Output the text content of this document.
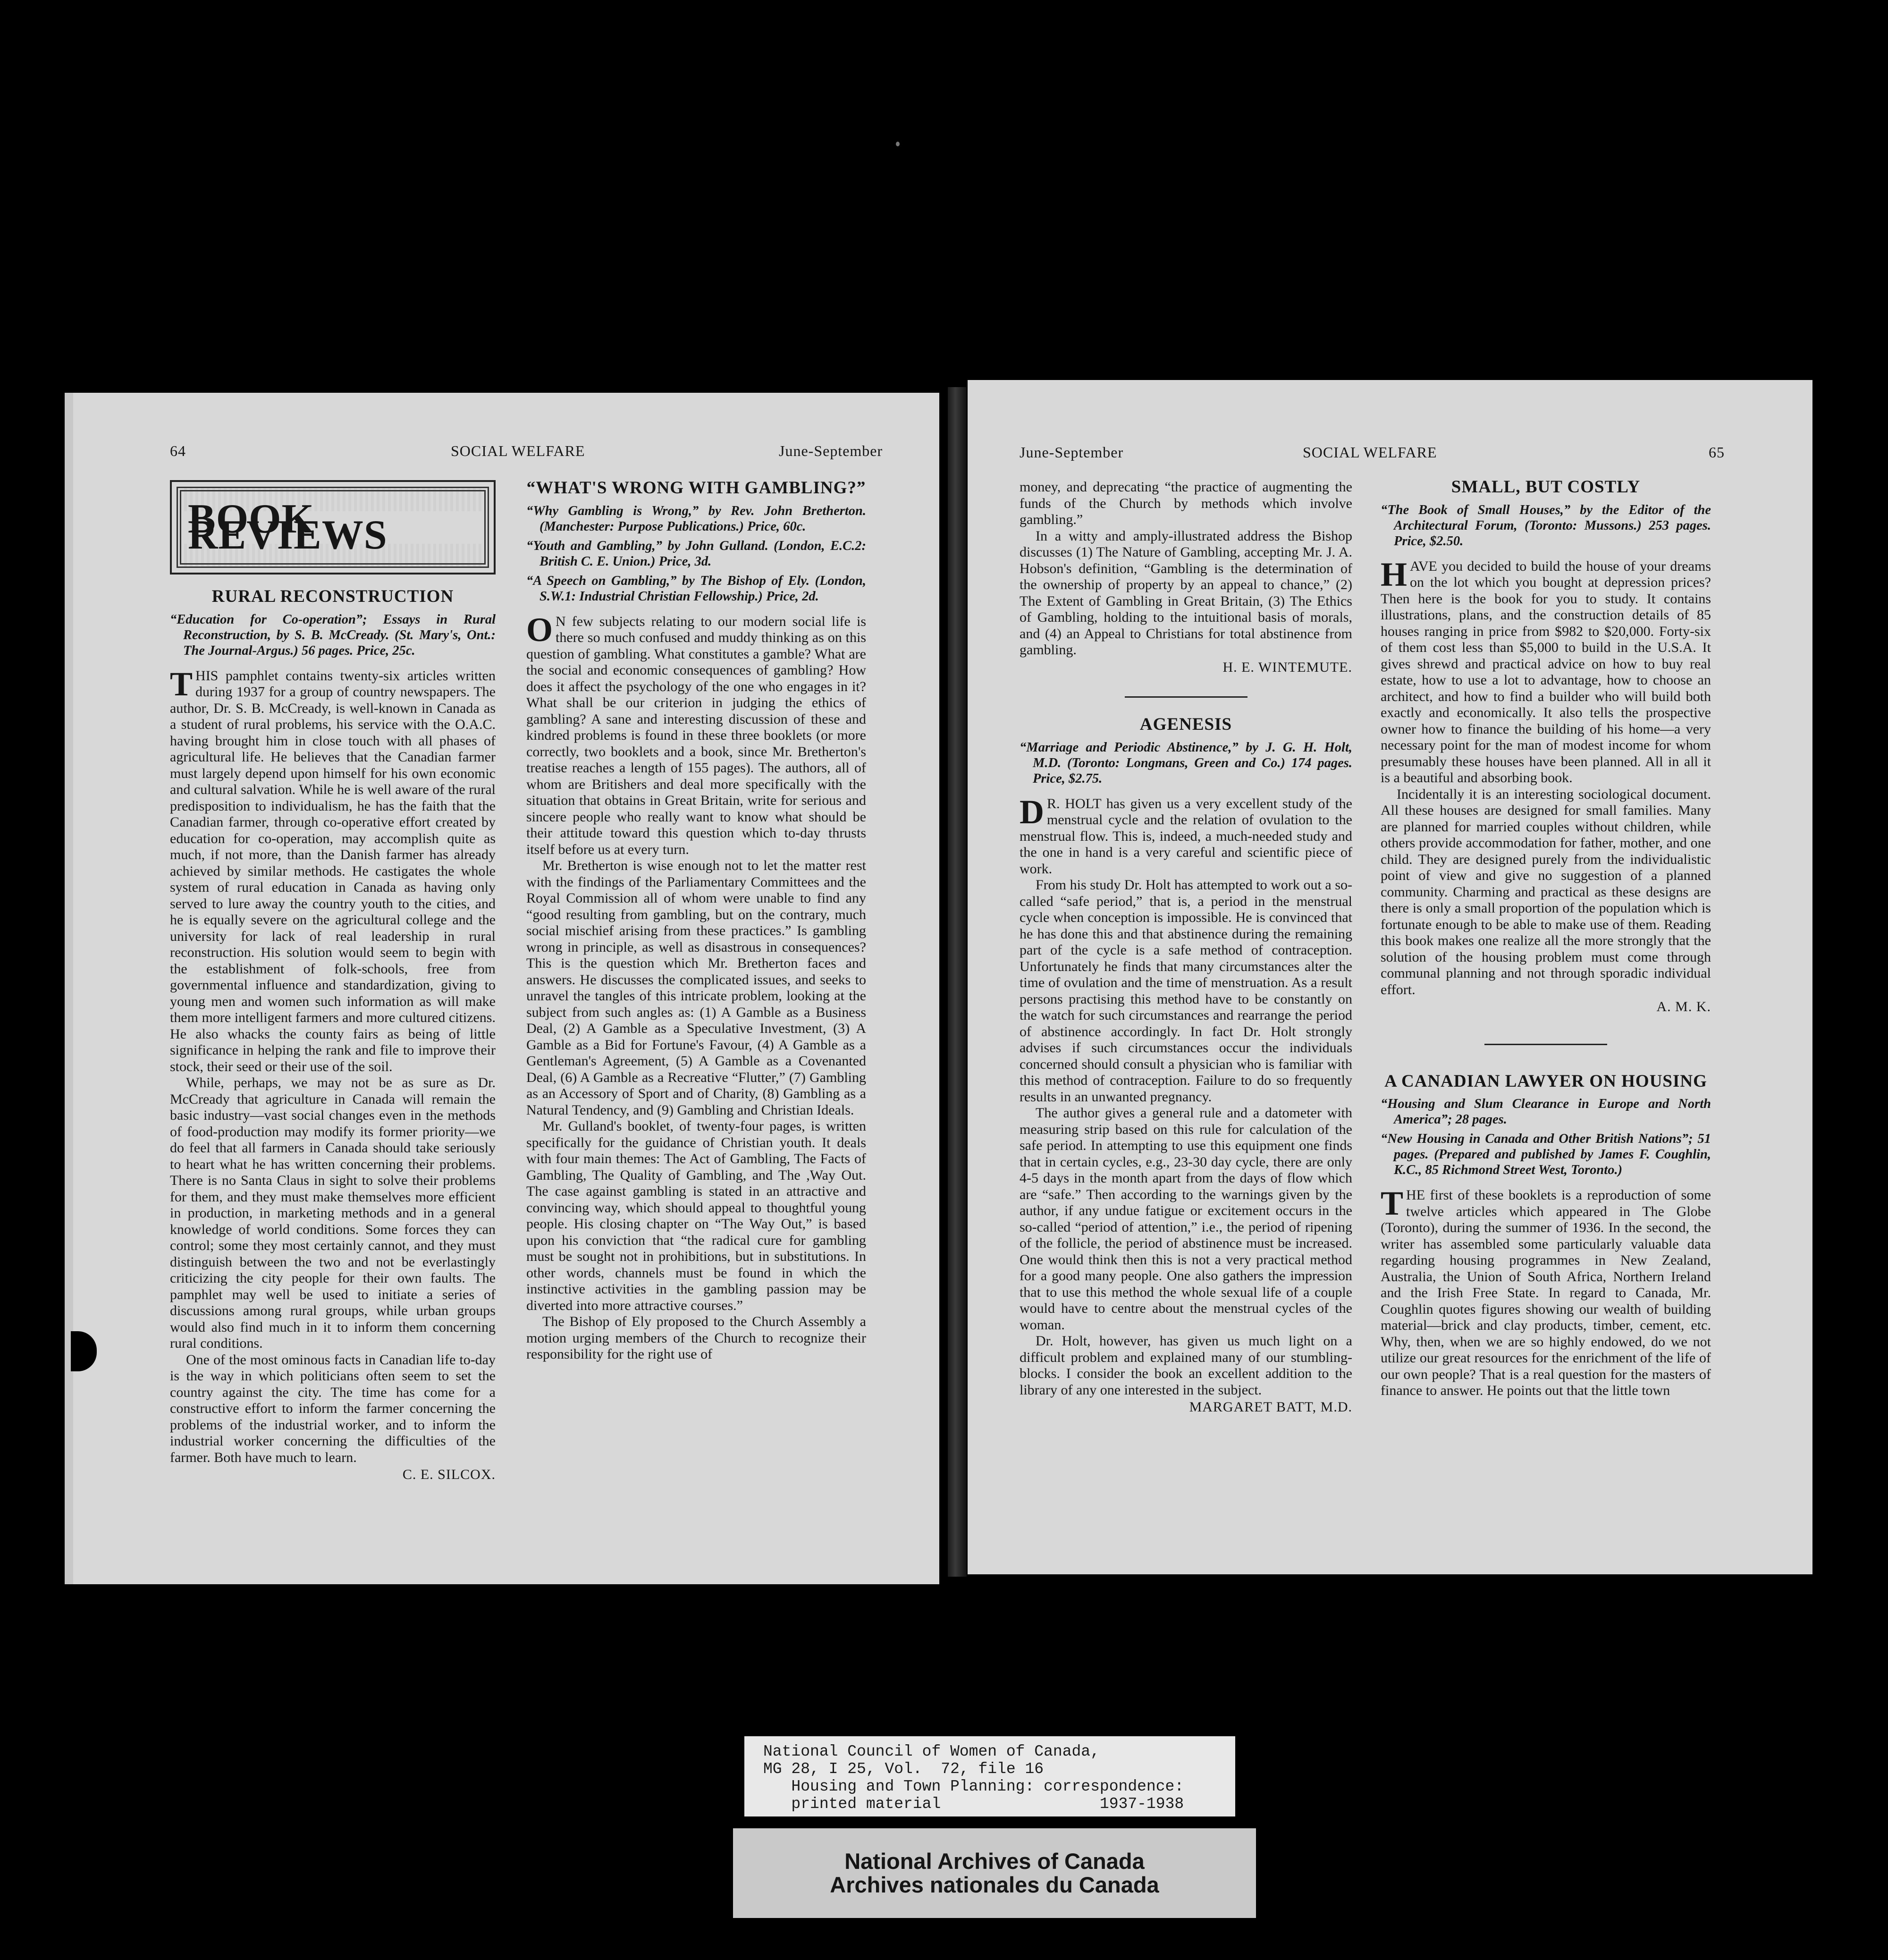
64	SOCIAL WELFARE	June-September
BOOK REVIEWS
RURAL RECONSTRUCTION
“Education for Co-operation”; Essays in Rural Reconstruction, by S. B. McCready. (St. Mary's, Ont.: The Journal-Argus.) 56 pages. Price, 25c.

THIS pamphlet contains twenty-six articles written during 1937 for a group of country newspapers. The author, Dr. S. B. McCready, is well-known in Canada as a student of rural problems, his service with the O.A.C. having brought him in close touch with all phases of agricultural life. He believes that the Canadian farmer must largely depend upon himself for his own economic and cultural salvation. While he is well aware of the rural predisposition to individualism, he has the faith that the Canadian farmer, through co-operative effort created by education for co-operation, may accomplish quite as much, if not more, than the Danish farmer has already achieved by similar methods. He castigates the whole system of rural education in Canada as having only served to lure away the country youth to the cities, and he is equally severe on the agricultural college and the university for lack of real leadership in rural reconstruction. His solution would seem to begin with the establishment of folk-schools, free from governmental influence and standardization, giving to young men and women such information as will make them more intelligent farmers and more cultured citizens. He also whacks the county fairs as being of little significance in helping the rank and file to improve their stock, their seed or their use of the soil.

While, perhaps, we may not be as sure as Dr. McCready that agriculture in Canada will remain the basic industry—vast social changes even in the methods of food-production may modify its former priority—we do feel that all farmers in Canada should take seriously to heart what he has written concerning their problems. There is no Santa Claus in sight to solve their problems for them, and they must make themselves more efficient in production, in marketing methods and in a general knowledge of world conditions. Some forces they can control; some they most certainly cannot, and they must distinguish between the two and not be everlastingly criticizing the city people for their own faults. The pamphlet may well be used to initiate a series of discussions among rural groups, while urban groups would also find much in it to inform them concerning rural conditions.

One of the most ominous facts in Canadian life to-day is the way in which politicians often seem to set the country against the city. The time has come for a constructive effort to inform the farmer concerning the problems of the industrial worker, and to inform the industrial worker concerning the difficulties of the farmer. Both have much to learn.

C. E. SILCOX.

“WHAT'S WRONG WITH GAMBLING?”
“Why Gambling is Wrong,” by Rev. John Bretherton. (Manchester: Purpose Publications.) Price, 60c.
“Youth and Gambling,” by John Gulland. (London, E.C.2: British C. E. Union.) Price, 3d.
“A Speech on Gambling,” by The Bishop of Ely. (London, S.W.1: Industrial Christian Fellowship.) Price, 2d.

O N few subjects relating to our modern social life is there so much confused and muddy thinking as on this question of gambling. What constitutes a gamble? What are the social and economic consequences of gambling? How does it affect the psychology of the one who engages in it? What shall be our criterion in judging the ethics of gambling? A sane and interesting discussion of these and kindred problems is found in these three booklets (or more correctly, two booklets and a book, since Mr. Bretherton's treatise reaches a length of 155 pages). The authors, all of whom are Britishers and deal more specifically with the situation that obtains in Great Britain, write for serious and sincere people who really want to know what should be their attitude toward this question which to-day thrusts itself before us at every turn.

Mr. Bretherton is wise enough not to let the matter rest with the findings of the Parliamentary Committees and the Royal Commission all of whom were unable to find any “good resulting from gambling, but on the contrary, much social mischief arising from these practices.” Is gambling wrong in principle, as well as disastrous in consequences? This is the question which Mr. Bretherton faces and answers. He discusses the complicated issues, and seeks to unravel the tangles of this intricate problem, looking at the subject from such angles as: (1) A Gamble as a Business Deal, (2) A Gamble as a Speculative Investment, (3) A Gamble as a Bid for Fortune's Favour, (4) A Gamble as a Gentleman's Agreement, (5) A Gamble as a Covenanted Deal, (6) A Gamble as a Recreative “Flutter,” (7) Gambling as an Accessory of Sport and of Charity, (8) Gambling as a Natural Tendency, and (9) Gambling and Christian Ideals.

Mr. Gulland's booklet, of twenty-four pages, is written specifically for the guidance of Christian youth. It deals with four main themes: The Act of Gambling, The Facts of Gambling, The Quality of Gambling, and The ,Way Out. The case against gambling is stated in an attractive and convincing way, which should appeal to thoughtful young people. His closing chapter on “The Way Out,” is based upon his conviction that “the radical cure for gambling must be sought not in prohibitions, but in substitutions. In other words, channels must be found in which the instinctive activities in the gambling passion may be diverted into more attractive courses.”

The Bishop of Ely proposed to the Church Assembly a motion urging members of the Church to recognize their responsibility for the right use of

June-September	SOCIAL WELFARE	65

money, and deprecating “the practice of augmenting the funds of the Church by methods which involve gambling.”

In a witty and amply-illustrated address the Bishop discusses (1) The Nature of Gambling, accepting Mr. J. A. Hobson's definition, “Gambling is the determination of the ownership of property by an appeal to chance,” (2) The Extent of Gambling in Great Britain, (3) The Ethics of Gambling, holding to the intuitional basis of morals, and (4) an Appeal to Christians for total abstinence from gambling.

H. E. WINTEMUTE.

AGENESIS
“Marriage and Periodic Abstinence,” by J. G. H. Holt, M.D. (Toronto: Longmans, Green and Co.) 174 pages. Price, $2.75.

D R. HOLT has given us a very excellent study of the menstrual cycle and the relation of ovulation to the menstrual flow. This is, indeed, a much-needed study and the one in hand is a very careful and scientific piece of work.

From his study Dr. Holt has attempted to work out a so-called “safe period,” that is, a period in the menstrual cycle when conception is impossible. He is convinced that he has done this and that abstinence during the remaining part of the cycle is a safe method of contraception. Unfortunately he finds that many circumstances alter the time of ovulation and the time of menstruation. As a result persons practising this method have to be constantly on the watch for such circumstances and rearrange the period of abstinence accordingly. In fact Dr. Holt strongly advises if such circumstances occur the individuals concerned should consult a physician who is familiar with this method of contraception. Failure to do so frequently results in an unwanted pregnancy.

The author gives a general rule and a datometer with measuring strip based on this rule for calculation of the safe period. In attempting to use this equipment one finds that in certain cycles, e.g., 23-30 day cycle, there are only 4-5 days in the month apart from the days of flow which are “safe.” Then according to the warnings given by the author, if any undue fatigue or excitement occurs in the so-called “period of attention,” i.e., the period of ripening of the follicle, the period of abstinence must be increased. One would think then this is not a very practical method for a good many people. One also gathers the impression that to use this method the whole sexual life of a couple would have to centre about the menstrual cycles of the woman.

Dr. Holt, however, has given us much light on a difficult problem and explained many of our stumbling-blocks. I consider the book an excellent addition to the library of any one interested in the subject.

MARGARET BATT, M.D.

SMALL, BUT COSTLY
“The Book of Small Houses,” by the Editor of the Architectural Forum, (Toronto: Mussons.) 253 pages. Price, $2.50.

HAVE you decided to build the house of your dreams on the lot which you bought at depression prices? Then here is the book for you to study. It contains illustrations, plans, and the construction details of 85 houses ranging in price from $982 to $20,000. Forty-six of them cost less than $5,000 to build in the U.S.A. It gives shrewd and practical advice on how to buy real estate, how to use a lot to advantage, how to choose an architect, and how to find a builder who will build both exactly and economically. It also tells the prospective owner how to finance the building of his home—a very necessary point for the man of modest income for whom presumably these houses have been planned. All in all it is a beautiful and absorbing book.

Incidentally it is an interesting sociological document. All these houses are designed for small families. Many are planned for married couples without children, while others provide accommodation for father, mother, and one child. They are designed purely from the individualistic point of view and give no suggestion of a planned community. Charming and practical as these designs are there is only a small proportion of the population which is fortunate enough to be able to make use of them. Reading this book makes one realize all the more strongly that the solution of the housing problem must come through communal planning and not through sporadic individual effort.

A. M. K.

A CANADIAN LAWYER ON HOUSING
“Housing and Slum Clearance in Europe and North America”; 28 pages.
“New Housing in Canada and Other British Nations”; 51 pages. (Prepared and published by James F. Coughlin, K.C., 85 Richmond Street West, Toronto.)

THE first of these booklets is a reproduction of some twelve articles which appeared in The Globe (Toronto), during the summer of 1936. In the second, the writer has assembled some particularly valuable data regarding housing programmes in New Zealand, Australia, the Union of South Africa, Northern Ireland and the Irish Free State. In regard to Canada, Mr. Coughlin quotes figures showing our wealth of building material—brick and clay products, timber, cement, etc. Why, then, when we are so highly endowed, do we not utilize our great resources for the enrichment of the life of our own people? That is a real question for the masters of finance to answer. He points out that the little town

National Council of Women of Canada,
MG 28, I 25, Vol.  72, file 16
Housing and Town Planning: correspondence:
printed material                 1937-1938
National Archives of Canada
Archives nationales du Canada
